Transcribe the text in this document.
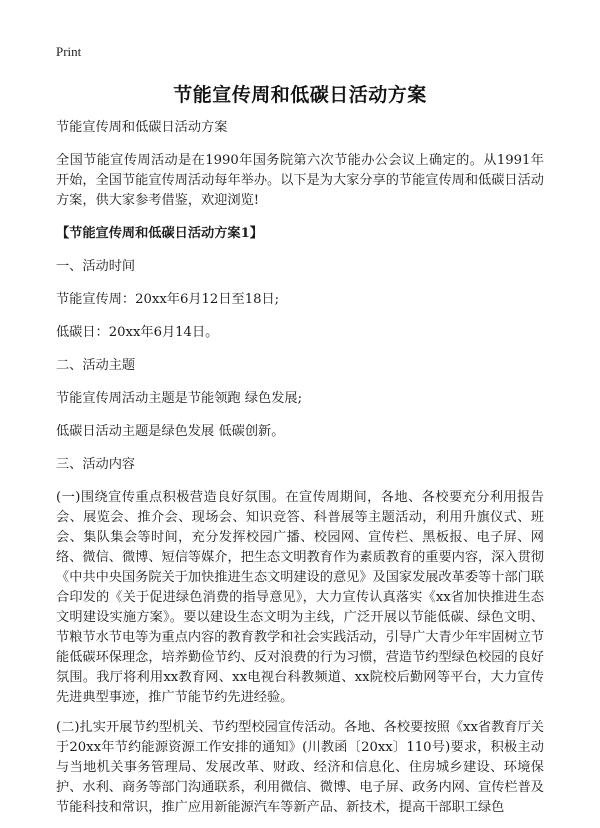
Print
节能宣传周和低碳日活动方案

节能宣传周和低碳日活动方案

全国节能宣传周活动是在1990年国务院第六次节能办公会议上确定的。从1991年开始，全国节能宣传周活动每年举办。以下是为大家分享的节能宣传周和低碳日活动方案，供大家参考借鉴，欢迎浏览!

【节能宣传周和低碳日活动方案1】

一、活动时间

节能宣传周：20xx年6月12日至18日;

低碳日：20xx年6月14日。

二、活动主题

节能宣传周活动主题是节能领跑 绿色发展;

低碳日活动主题是绿色发展 低碳创新。

三、活动内容

(一)围绕宣传重点积极营造良好氛围。在宣传周期间，各地、各校要充分利用报告会、展览会、推介会、现场会、知识竞答、科普展等主题活动，利用升旗仪式、班会、集队集会等时间，充分发挥校园广播、校园网、宣传栏、黑板报、电子屏、网络、微信、微博、短信等媒介，把生态文明教育作为素质教育的重要内容，深入贯彻《中共中央国务院关于加快推进生态文明建设的意见》及国家发展改革委等十部门联合印发的《关于促进绿色消费的指导意见》，大力宣传认真落实《xx省加快推进生态文明建设实施方案》。要以建设生态文明为主线，广泛开展以节能低碳、绿色文明、节粮节水节电等为重点内容的教育教学和社会实践活动，引导广大青少年牢固树立节能低碳环保理念，培养勤俭节约、反对浪费的行为习惯，营造节约型绿色校园的良好氛围。我厅将利用xx教育网、xx电视台科教频道、xx院校后勤网等平台，大力宣传先进典型事迹，推广节能节约先进经验。

(二)扎实开展节约型机关、节约型校园宣传活动。各地、各校要按照《xx省教育厅关于20xx年节约能源资源工作安排的通知》(川教函〔20xx〕110号)要求，积极主动与当地机关事务管理局、发展改革、财政、经济和信息化、住房城乡建设、环境保护、水利、商务等部门沟通联系，利用微信、微博、电子屏、政务内网、宣传栏普及节能科技和常识，推广应用新能源汽车等新产品、新技术，提高干部职工绿色
